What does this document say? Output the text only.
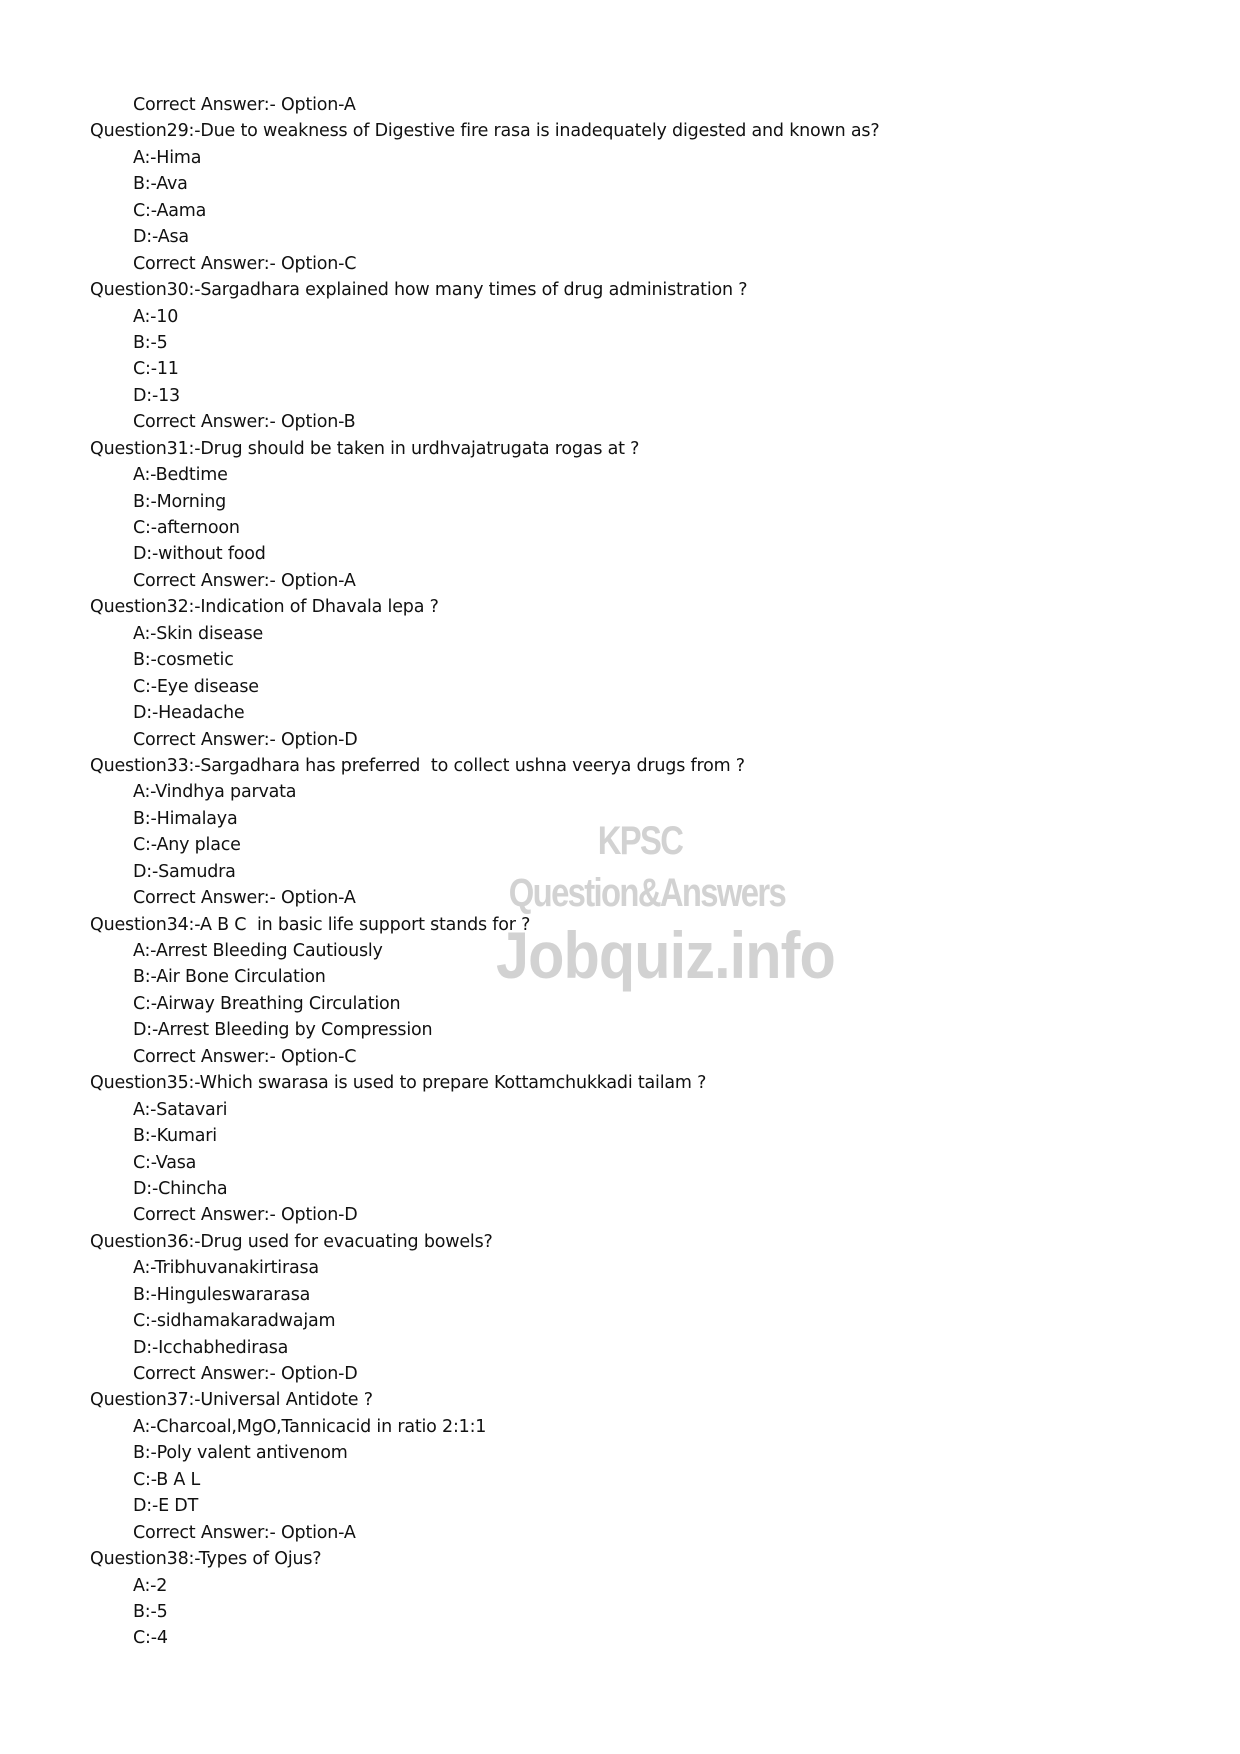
KPSC Question&Answers
Jobquiz.info
Correct Answer:- Option-A
Question29:-Due to weakness of Digestive fire rasa is inadequately digested and known as?
A:-Hima
B:-Ava
C:-Aama
D:-Asa
Correct Answer:- Option-C
Question30:-Sargadhara explained how many times of drug administration ?
A:-10
B:-5
C:-11
D:-13
Correct Answer:- Option-B
Question31:-Drug should be taken in urdhvajatrugata rogas at ?
A:-Bedtime
B:-Morning
C:-afternoon
D:-without food
Correct Answer:- Option-A
Question32:-Indication of Dhavala lepa ?
A:-Skin disease
B:-cosmetic
C:-Eye disease
D:-Headache
Correct Answer:- Option-D
Question33:-Sargadhara has preferred  to collect ushna veerya drugs from ?
A:-Vindhya parvata
B:-Himalaya
C:-Any place
D:-Samudra
Correct Answer:- Option-A
Question34:-A B C  in basic life support stands for ?
A:-Arrest Bleeding Cautiously
B:-Air Bone Circulation
C:-Airway Breathing Circulation
D:-Arrest Bleeding by Compression
Correct Answer:- Option-C
Question35:-Which swarasa is used to prepare Kottamchukkadi tailam ?
A:-Satavari
B:-Kumari
C:-Vasa
D:-Chincha
Correct Answer:- Option-D
Question36:-Drug used for evacuating bowels?
A:-Tribhuvanakirtirasa
B:-Hinguleswararasa
C:-sidhamakaradwajam
D:-Icchabhedirasa
Correct Answer:- Option-D
Question37:-Universal Antidote ?
A:-Charcoal,MgO,Tannicacid in ratio 2:1:1
B:-Poly valent antivenom
C:-B A L
D:-E DT
Correct Answer:- Option-A
Question38:-Types of Ojus?
A:-2
B:-5
C:-4
